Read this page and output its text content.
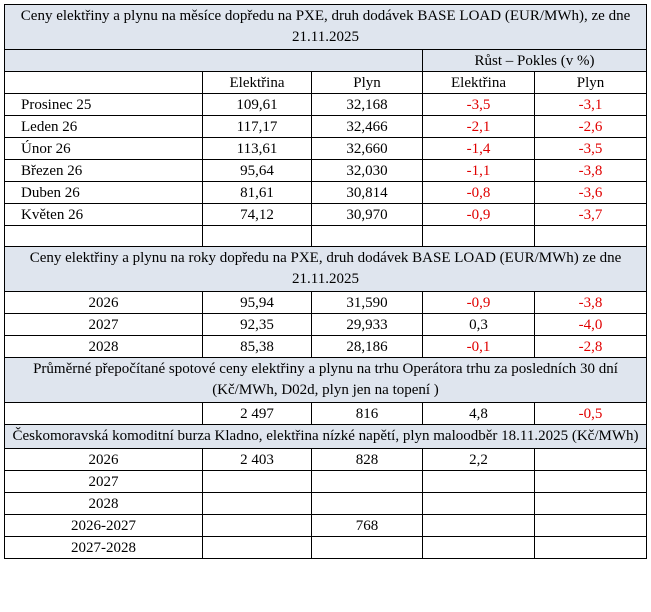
Ceny elektřiny a plynu na měsíce dopředu na PXE, druh dodávek BASE LOAD (EUR/MWh), ze dne 21.11.2025				
			Růst – Pokles (v %)	
	Elektřina	Plyn	Elektřina	Plyn
Prosinec 25	109,61	32,168	-3,5	-3,1
Leden 26	117,17	32,466	-2,1	-2,6
Únor 26	113,61	32,660	-1,4	-3,5
Březen 26	95,64	32,030	-1,1	-3,8
Duben 26	81,61	30,814	-0,8	-3,6
Květen 26	74,12	30,970	-0,9	-3,7

Ceny elektřiny a plynu na roky dopředu na PXE, druh dodávek BASE LOAD (EUR/MWh) ze dne 21.11.2025				
2026	95,94	31,590	-0,9	-3,8
2027	92,35	29,933	0,3	-4,0
2028	85,38	28,186	-0,1	-2,8
Průměrné přepočítané spotové ceny elektřiny a plynu na trhu Operátora trhu za posledních 30 dní (Kč/MWh, D02d, plyn jen na topení )				
	2 497	816	4,8	-0,5
Českomoravská komoditní burza Kladno, elektřina nízké napětí, plyn maloodběr 18.11.2025 (Kč/MWh)				
2026	2 403	828	2,2	
2027				
2028				
2026-2027		768		
2027-2028				
